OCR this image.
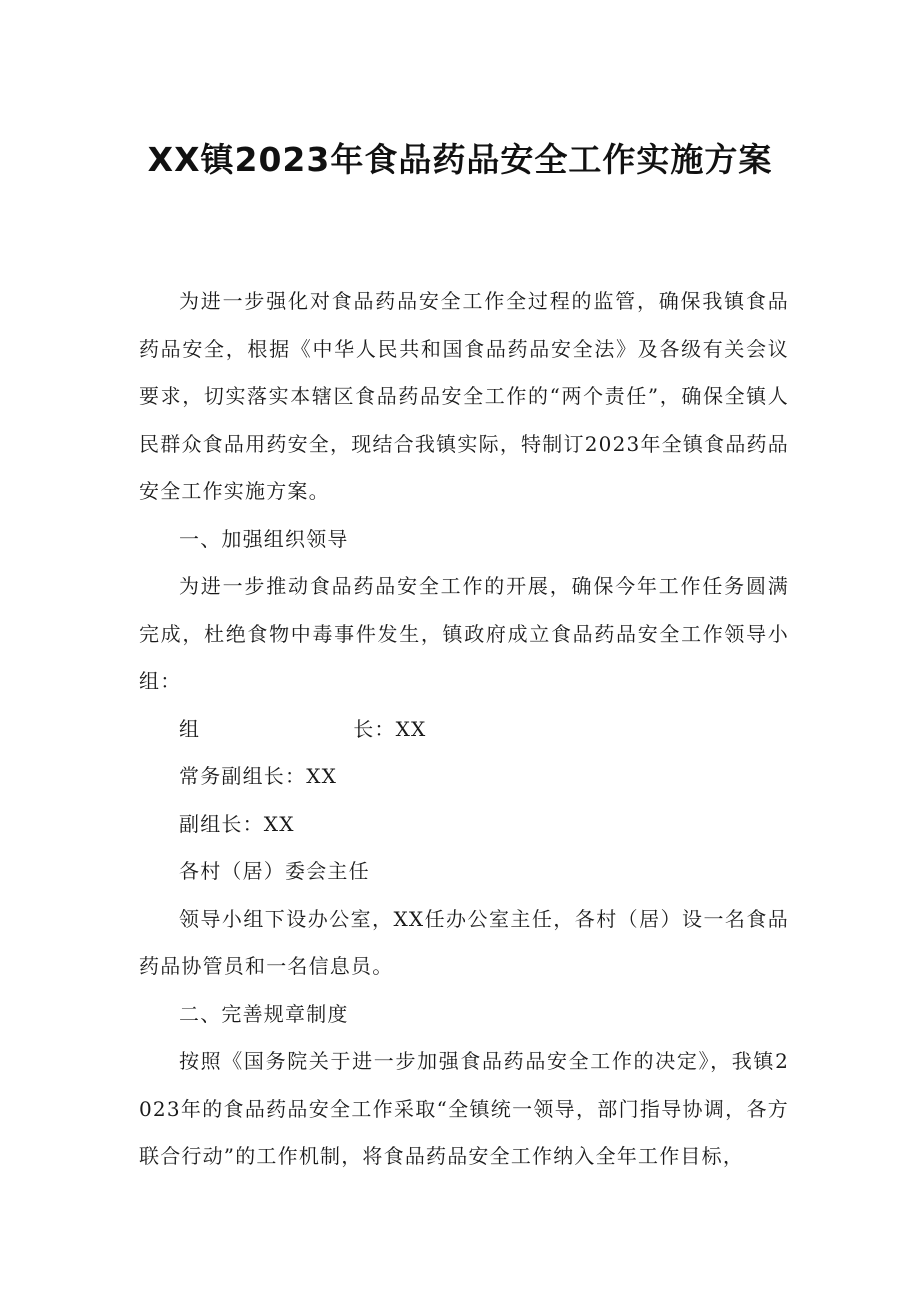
XX镇2023年食品药品安全工作实施方案

为进一步强化对食品药品安全工作全过程的监管，确保我镇食品药品安全，根据《中华人民共和国食品药品安全法》及各级有关会议要求，切实落实本辖区食品药品安全工作的“两个责任”，确保全镇人民群众食品用药安全，现结合我镇实际，特制订2023年全镇食品药品安全工作实施方案。

一、加强组织领导

为进一步推动食品药品安全工作的开展，确保今年工作任务圆满完成，杜绝食物中毒事件发生，镇政府成立食品药品安全工作领导小组：

组	长：XX

常务副组长：XX

副组长：XX

各村（居）委会主任

领导小组下设办公室，XX任办公室主任，各村（居）设一名食品药品协管员和一名信息员。

二、完善规章制度

按照《国务院关于进一步加强食品药品安全工作的决定》，我镇2023年的食品药品安全工作采取“全镇统一领导，部门指导协调，各方联合行动”的工作机制，将食品药品安全工作纳入全年工作目标，
